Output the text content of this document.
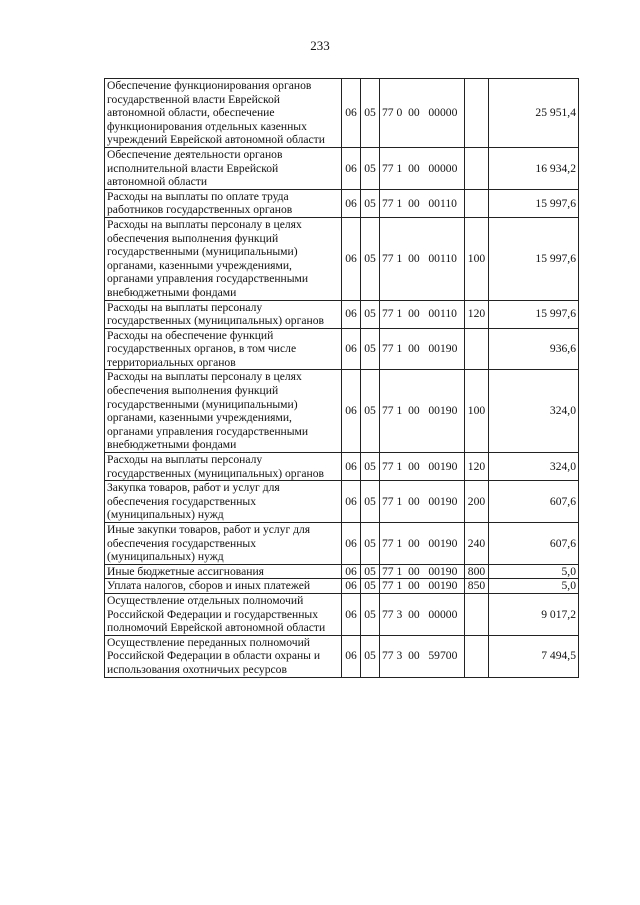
233
Обеспечение функционирования органов государственной власти Еврейской автономной области, обеспечение функционирования отдельных казенных учреждений Еврейской автономной области	06	05	77 0  00   00000		25 951,4
Обеспечение деятельности органов исполнительной власти Еврейской автономной области	06	05	77 1  00   00000		16 934,2
Расходы на выплаты по оплате труда работников государственных органов	06	05	77 1  00   00110		15 997,6
Расходы на выплаты персоналу в целях обеспечения выполнения функций государственными (муниципальными) органами, казенными учреждениями, органами управления государственными внебюджетными фондами	06	05	77 1  00   00110	100	15 997,6
Расходы на выплаты персоналу государственных (муниципальных) органов	06	05	77 1  00   00110	120	15 997,6
Расходы на обеспечение функций государственных органов, в том числе территориальных органов	06	05	77 1  00   00190		936,6
Расходы на выплаты персоналу в целях обеспечения выполнения функций государственными (муниципальными) органами, казенными учреждениями, органами управления государственными внебюджетными фондами	06	05	77 1  00   00190	100	324,0
Расходы на выплаты персоналу государственных (муниципальных) органов	06	05	77 1  00   00190	120	324,0
Закупка товаров, работ и услуг для обеспечения государственных (муниципальных) нужд	06	05	77 1  00   00190	200	607,6
Иные закупки товаров, работ и услуг для обеспечения государственных (муниципальных) нужд	06	05	77 1  00   00190	240	607,6
Иные бюджетные ассигнования	06	05	77 1  00   00190	800	5,0
Уплата налогов, сборов и иных платежей	06	05	77 1  00   00190	850	5,0
Осуществление отдельных полномочий Российской Федерации и государственных полномочий Еврейской автономной области	06	05	77 3  00   00000		9 017,2
Осуществление переданных полномочий Российской Федерации в области охраны и использования охотничьих ресурсов	06	05	77 3  00   59700		7 494,5
